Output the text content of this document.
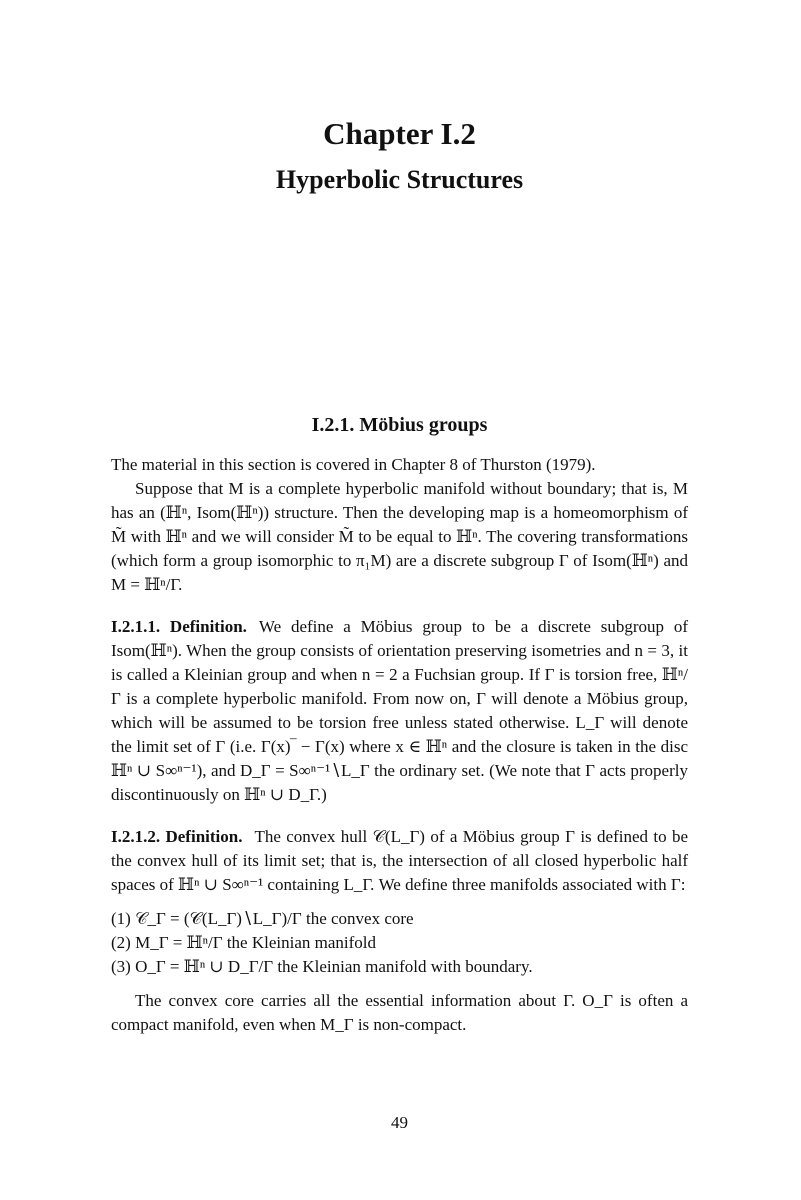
Chapter I.2
Hyperbolic Structures
I.2.1. Möbius groups

The material in this section is covered in Chapter 8 of Thurston (1979).

Suppose that M is a complete hyperbolic manifold without boundary; that is, M has an (ℍⁿ, Isom(ℍⁿ)) structure. Then the developing map is a homeomorphism of M̃ with ℍⁿ and we will consider M̃ to be equal to ℍⁿ. The covering transformations (which form a group isomorphic to π₁M) are a discrete subgroup Γ of Isom(ℍⁿ) and M = ℍⁿ/Γ.

I.2.1.1. Definition. We define a Möbius group to be a discrete subgroup of Isom(ℍⁿ). When the group consists of orientation preserving isometries and n = 3, it is called a Kleinian group and when n = 2 a Fuchsian group. If Γ is torsion free, ℍⁿ/Γ is a complete hyperbolic manifold. From now on, Γ will denote a Möbius group, which will be assumed to be torsion free unless stated otherwise. L_Γ will denote the limit set of Γ (i.e. Γ(x)‾ − Γ(x) where x ∈ ℍⁿ and the closure is taken in the disc ℍⁿ ∪ S∞ⁿ⁻¹), and D_Γ = S∞ⁿ⁻¹∖L_Γ the ordinary set. (We note that Γ acts properly discontinuously on ℍⁿ ∪ D_Γ.)

I.2.1.2. Definition. The convex hull 𝒞(L_Γ) of a Möbius group Γ is defined to be the convex hull of its limit set; that is, the intersection of all closed hyperbolic half spaces of ℍⁿ ∪ S∞ⁿ⁻¹ containing L_Γ. We define three manifolds associated with Γ:

(1) 𝒞_Γ = (𝒞(L_Γ)∖L_Γ)/Γ the convex core

(2) M_Γ = ℍⁿ/Γ the Kleinian manifold

(3) O_Γ = ℍⁿ ∪ D_Γ/Γ the Kleinian manifold with boundary.

The convex core carries all the essential information about Γ. O_Γ is often a compact manifold, even when M_Γ is non-compact.

49
